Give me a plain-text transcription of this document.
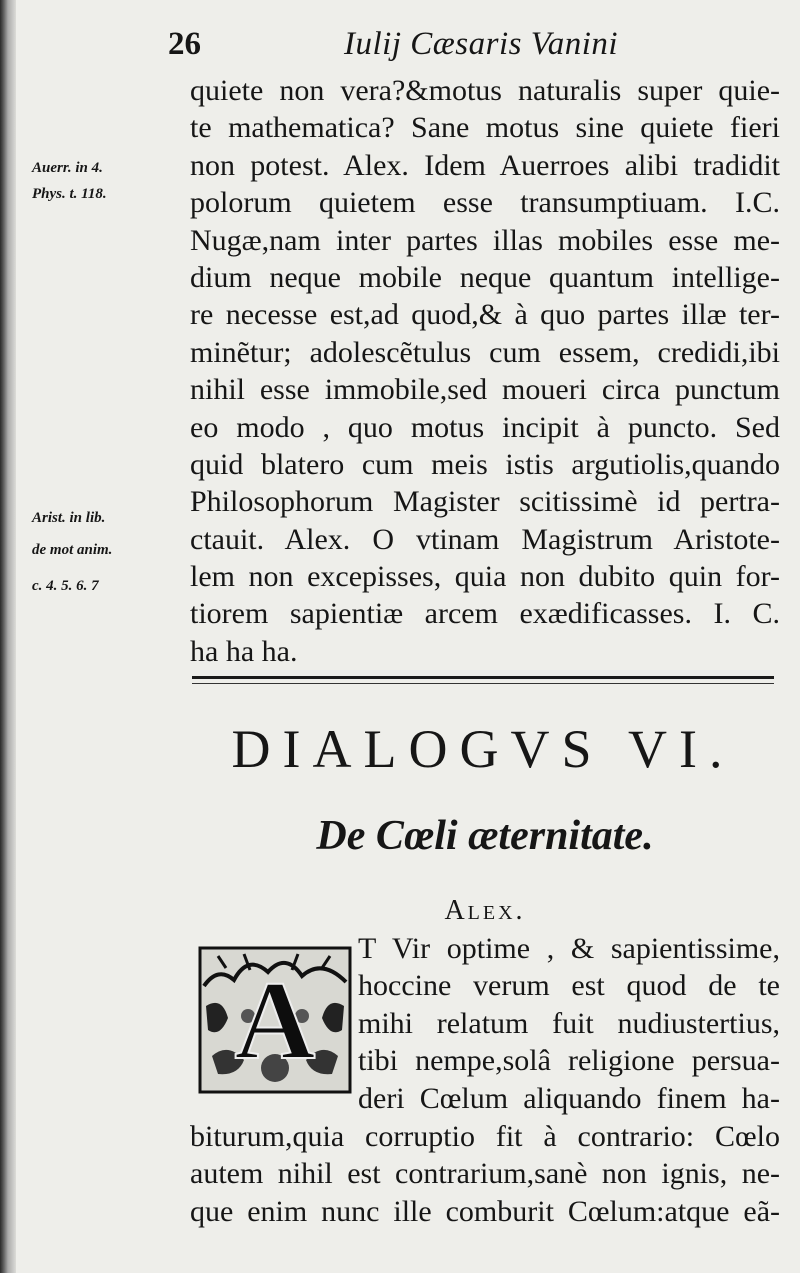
26	Iulij Cæsaris Vanini
Auerr. in 4.
Phys. t. 118.
Arist. in lib.
de mot anim.
c. 4. 5. 6. 7
quiete non vera?&motus naturalis super quie-
te mathematica? Sane motus sine quiete fieri
non potest. Alex. Idem Auerroes alibi tradidit
polorum quietem esse transumptiuam. I.C.
Nugæ,nam inter partes illas mobiles esse me-
dium neque mobile neque quantum intellige-
re necesse est,ad quod,& à quo partes illæ ter-
minẽtur; adolescẽtulus cum essem, credidi,ibi
nihil esse immobile,sed moueri circa punctum
eo modo , quo motus incipit à puncto. Sed
quid blatero cum meis istis argutiolis,quando
Philosophorum Magister scitissimè id pertra-
ctauit. Alex. O vtinam Magistrum Aristote-
lem non excepisses, quia non dubito quin for-
tiorem sapientiæ arcem exædificasses. I. C.
ha ha ha.
DIALOGVS VI.
De Cœli æternitate.
Alex.
A
T Vir optime , & sapientissime,
hoccine verum est quod de te
mihi relatum fuit nudiustertius,
tibi nempe,solâ religione persua-
deri Cœlum aliquando finem ha-
biturum,quia corruptio fit à contrario: Cœlo
autem nihil est contrarium,sanè non ignis, ne-
que enim nunc ille comburit Cœlum:atque eã-
